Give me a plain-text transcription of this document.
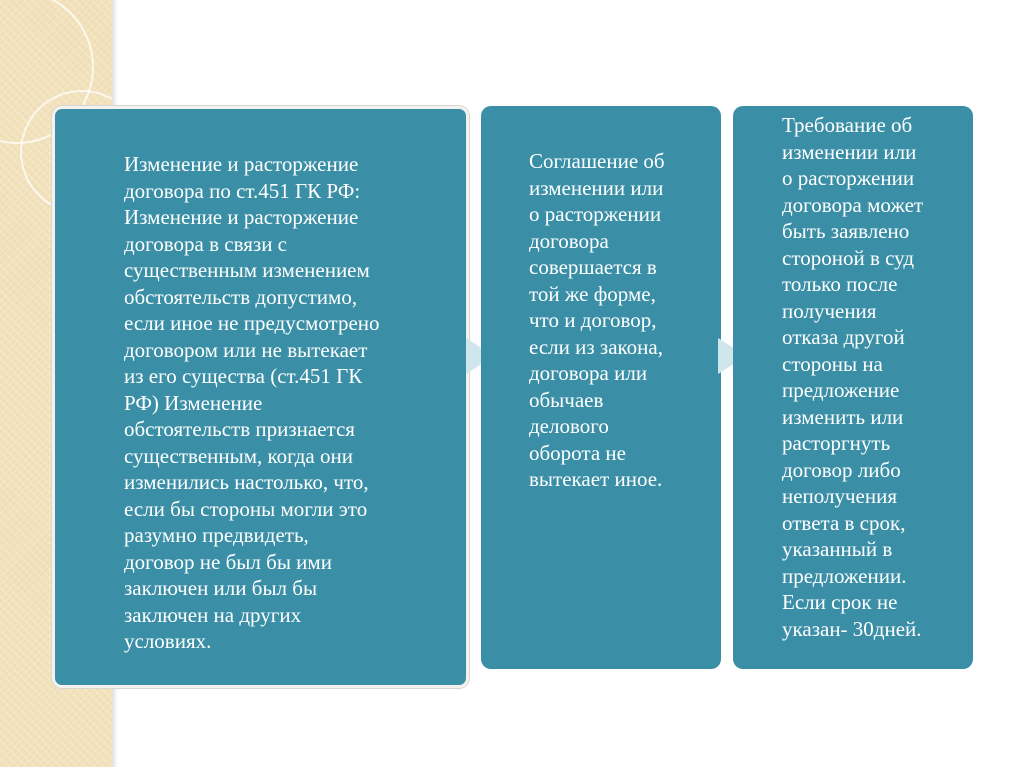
Изменение и расторжение
договора по ст.451 ГК РФ:
Изменение и расторжение
договора в связи с
существенным изменением
обстоятельств допустимо,
если иное не предусмотрено
договором или не вытекает
из его существа (ст.451 ГК
РФ) Изменение
обстоятельств признается
существенным, когда они
изменились настолько, что,
если бы стороны могли это
разумно предвидеть,
договор не был бы ими
заключен или был бы
заключен на других
условиях.

Соглашение об
изменении или
о расторжении
договора
совершается в
той же форме,
что и договор,
если из закона,
договора или
обычаев
делового
оборота не
вытекает иное.

Требование об
изменении или
о расторжении
договора может
быть заявлено
стороной в суд
только после
получения
отказа другой
стороны на
предложение
изменить или
расторгнуть
договор либо
неполучения
ответа в срок,
указанный в
предложении.
Если срок не
указан- 30дней.
